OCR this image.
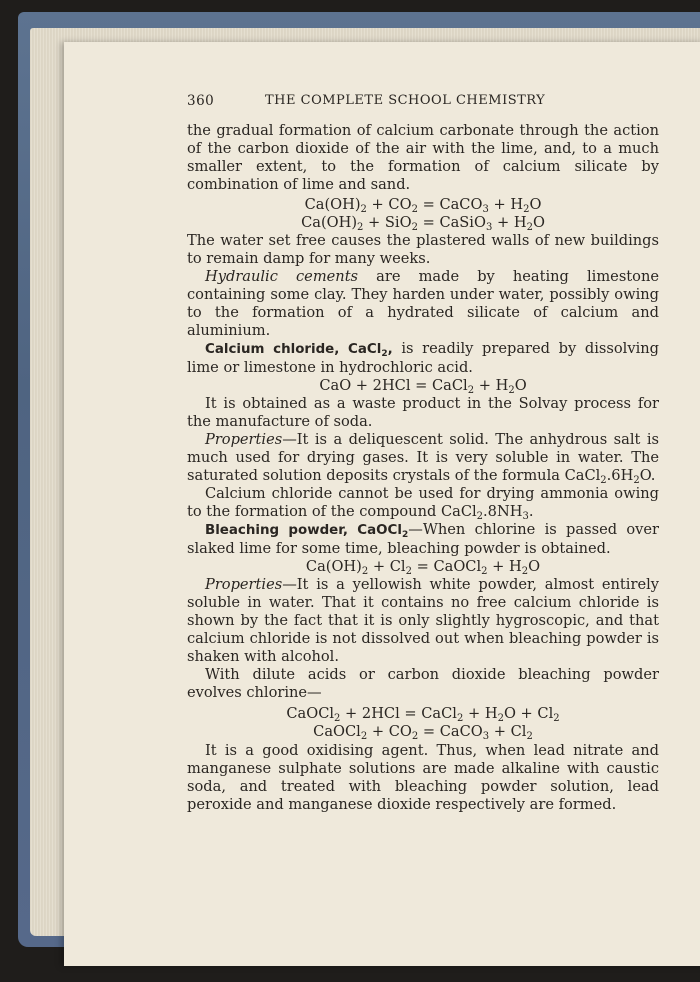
360	THE COMPLETE SCHOOL CHEMISTRY

the gradual formation of calcium carbonate through the action of the carbon dioxide of the air with the lime, and, to a much smaller extent, to the formation of calcium silicate by combination of lime and sand.

$Ca(OH)_2 + CO_2$ = CaCO$_3$ + $H_2O$
$Ca(OH)_2 + SiO_2$ = CaSiO$_3$ + $H_2O$

The water set free causes the plastered walls of new buildings to remain damp for many weeks.

Hydraulic cements are made by heating limestone containing some clay. They harden under water, possibly owing to the formation of a hydrated silicate of calcium and aluminium.

Calcium chloride, CaCl$_2$, is readily prepared by dissolving lime or limestone in hydrochloric acid.

CaO + 2HCl = CaCl$_2$ + $H_2O$

It is obtained as a waste product in the Solvay process for the manufacture of soda.

Properties—It is a deliquescent solid. The anhydrous salt is much used for drying gases. It is very soluble in water. The saturated solution deposits crystals of the formula $CaCl_2.6H_2O$.

Calcium chloride cannot be used for drying ammonia owing to the formation of the compound $CaCl_2.8NH_3$.

Bleaching powder, CaOCl$_2$—When chlorine is passed over slaked lime for some time, bleaching powder is obtained.

$Ca(OH)_2 + Cl_2$ = CaOCl$_2$ + $H_2O$

Properties—It is a yellowish white powder, almost entirely soluble in water. That it contains no free calcium chloride is shown by the fact that it is only slightly hygroscopic, and that calcium chloride is not dissolved out when bleaching powder is shaken with alcohol.

With dilute acids or carbon dioxide bleaching powder evolves chlorine—

CaOCl$_2$ + 2HCl = CaCl$_2$ + $H_2O + Cl_2$
CaOCl$_2$ + $CO_2$ = CaCO$_3$ + $Cl_2$

It is a good oxidising agent. Thus, when lead nitrate and manganese sulphate solutions are made alkaline with caustic soda, and treated with bleaching powder solution, lead peroxide and manganese dioxide respectively are formed.
